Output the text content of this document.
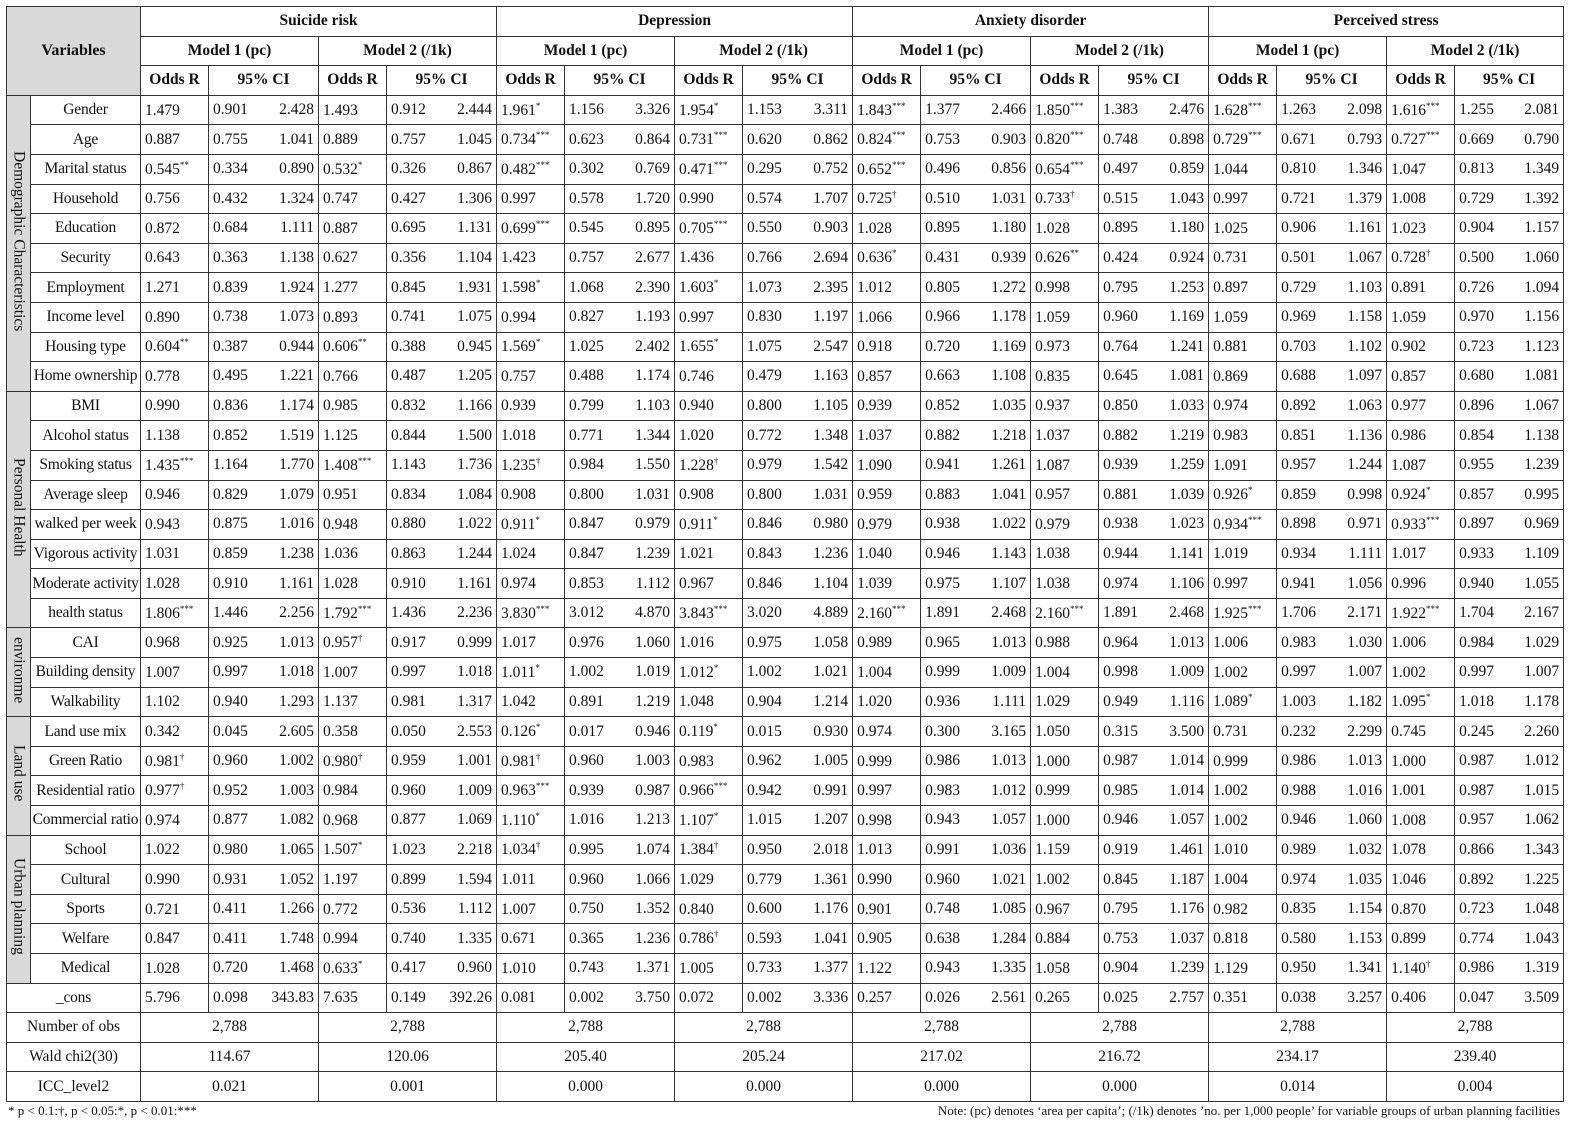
Variables		Suicide risk				Depression				Anxiety disorder				Perceived stress			
		Model 1 (pc)		Model 2 (/1k)		Model 1 (pc)		Model 2 (/1k)		Model 1 (pc)		Model 2 (/1k)		Model 1 (pc)		Model 2 (/1k)	
		Odds R	95% CI	Odds R	95% CI	Odds R	95% CI	Odds R	95% CI	Odds R	95% CI	Odds R	95% CI	Odds R	95% CI	Odds R	95% CI
Demographic Characteristics	Gender	1.479	0.901 2.428	1.493	0.912 2.444	1.961*	1.156 3.326	1.954*	1.153 3.311	1.843***	1.377 2.466	1.850***	1.383 2.476	1.628***	1.263 2.098	1.616***	1.255 2.081

	Age	0.887	0.755 1.041	0.889	0.757 1.045	0.734***	0.623 0.864	0.731***	0.620 0.862	0.824***	0.753 0.903	0.820***	0.748 0.898	0.729***	0.671 0.793	0.727***	0.669 0.790

	Marital status	0.545**	0.334 0.890	0.532*	0.326 0.867	0.482***	0.302 0.769	0.471***	0.295 0.752	0.652***	0.496 0.856	0.654***	0.497 0.859	1.044	0.810 1.346	1.047	0.813 1.349

	Household	0.756	0.432 1.324	0.747	0.427 1.306	0.997	0.578 1.720	0.990	0.574 1.707	0.725†	0.510 1.031	0.733†	0.515 1.043	0.997	0.721 1.379	1.008	0.729 1.392

	Education	0.872	0.684 1.111	0.887	0.695 1.131	0.699***	0.545 0.895	0.705***	0.550 0.903	1.028	0.895 1.180	1.028	0.895 1.180	1.025	0.906 1.161	1.023	0.904 1.157

	Security	0.643	0.363 1.138	0.627	0.356 1.104	1.423	0.757 2.677	1.436	0.766 2.694	0.636*	0.431 0.939	0.626**	0.424 0.924	0.731	0.501 1.067	0.728†	0.500 1.060

	Employment	1.271	0.839 1.924	1.277	0.845 1.931	1.598*	1.068 2.390	1.603*	1.073 2.395	1.012	0.805 1.272	0.998	0.795 1.253	0.897	0.729 1.103	0.891	0.726 1.094

	Income level	0.890	0.738 1.073	0.893	0.741 1.075	0.994	0.827 1.193	0.997	0.830 1.197	1.066	0.966 1.178	1.059	0.960 1.169	1.059	0.969 1.158	1.059	0.970 1.156

	Housing type	0.604**	0.387 0.944	0.606**	0.388 0.945	1.569*	1.025 2.402	1.655*	1.075 2.547	0.918	0.720 1.169	0.973	0.764 1.241	0.881	0.703 1.102	0.902	0.723 1.123

	Home ownership	0.778	0.495 1.221	0.766	0.487 1.205	0.757	0.488 1.174	0.746	0.479 1.163	0.857	0.663 1.108	0.835	0.645 1.081	0.869	0.688 1.097	0.857	0.680 1.081

Personal Health	BMI	0.990	0.836 1.174	0.985	0.832 1.166	0.939	0.799 1.103	0.940	0.800 1.105	0.939	0.852 1.035	0.937	0.850 1.033	0.974	0.892 1.063	0.977	0.896 1.067

	Alcohol status	1.138	0.852 1.519	1.125	0.844 1.500	1.018	0.771 1.344	1.020	0.772 1.348	1.037	0.882 1.218	1.037	0.882 1.219	0.983	0.851 1.136	0.986	0.854 1.138

	Smoking status	1.435***	1.164 1.770	1.408***	1.143 1.736	1.235†	0.984 1.550	1.228†	0.979 1.542	1.090	0.941 1.261	1.087	0.939 1.259	1.091	0.957 1.244	1.087	0.955 1.239

	Average sleep	0.946	0.829 1.079	0.951	0.834 1.084	0.908	0.800 1.031	0.908	0.800 1.031	0.959	0.883 1.041	0.957	0.881 1.039	0.926*	0.859 0.998	0.924*	0.857 0.995

	walked per week	0.943	0.875 1.016	0.948	0.880 1.022	0.911*	0.847 0.979	0.911*	0.846 0.980	0.979	0.938 1.022	0.979	0.938 1.023	0.934***	0.898 0.971	0.933***	0.897 0.969

	Vigorous activity	1.031	0.859 1.238	1.036	0.863 1.244	1.024	0.847 1.239	1.021	0.843 1.236	1.040	0.946 1.143	1.038	0.944 1.141	1.019	0.934 1.111	1.017	0.933 1.109

	Moderate activity	1.028	0.910 1.161	1.028	0.910 1.161	0.974	0.853 1.112	0.967	0.846 1.104	1.039	0.975 1.107	1.038	0.974 1.106	0.997	0.941 1.056	0.996	0.940 1.055

	health status	1.806***	1.446 2.256	1.792***	1.436 2.236	3.830***	3.012 4.870	3.843***	3.020 4.889	2.160***	1.891 2.468	2.160***	1.891 2.468	1.925***	1.706 2.171	1.922***	1.704 2.167

environme	CAI	0.968	0.925 1.013	0.957†	0.917 0.999	1.017	0.976 1.060	1.016	0.975 1.058	0.989	0.965 1.013	0.988	0.964 1.013	1.006	0.983 1.030	1.006	0.984 1.029

	Building density	1.007	0.997 1.018	1.007	0.997 1.018	1.011*	1.002 1.019	1.012*	1.002 1.021	1.004	0.999 1.009	1.004	0.998 1.009	1.002	0.997 1.007	1.002	0.997 1.007

	Walkability	1.102	0.940 1.293	1.137	0.981 1.317	1.042	0.891 1.219	1.048	0.904 1.214	1.020	0.936 1.111	1.029	0.949 1.116	1.089*	1.003 1.182	1.095*	1.018 1.178

Land use	Land use mix	0.342	0.045 2.605	0.358	0.050 2.553	0.126*	0.017 0.946	0.119*	0.015 0.930	0.974	0.300 3.165	1.050	0.315 3.500	0.731	0.232 2.299	0.745	0.245 2.260

	Green Ratio	0.981†	0.960 1.002	0.980†	0.959 1.001	0.981†	0.960 1.003	0.983	0.962 1.005	0.999	0.986 1.013	1.000	0.987 1.014	0.999	0.986 1.013	1.000	0.987 1.012

	Residential ratio	0.977†	0.952 1.003	0.984	0.960 1.009	0.963***	0.939 0.987	0.966***	0.942 0.991	0.997	0.983 1.012	0.999	0.985 1.014	1.002	0.988 1.016	1.001	0.987 1.015

	Commercial ratio	0.974	0.877 1.082	0.968	0.877 1.069	1.110*	1.016 1.213	1.107*	1.015 1.207	0.998	0.943 1.057	1.000	0.946 1.057	1.002	0.946 1.060	1.008	0.957 1.062

Urban planning	School	1.022	0.980 1.065	1.507*	1.023 2.218	1.034†	0.995 1.074	1.384†	0.950 2.018	1.013	0.991 1.036	1.159	0.919 1.461	1.010	0.989 1.032	1.078	0.866 1.343

	Cultural	0.990	0.931 1.052	1.197	0.899 1.594	1.011	0.960 1.066	1.029	0.779 1.361	0.990	0.960 1.021	1.002	0.845 1.187	1.004	0.974 1.035	1.046	0.892 1.225

	Sports	0.721	0.411 1.266	0.772	0.536 1.112	1.007	0.750 1.352	0.840	0.600 1.176	0.901	0.748 1.085	0.967	0.795 1.176	0.982	0.835 1.154	0.870	0.723 1.048

	Welfare	0.847	0.411 1.748	0.994	0.740 1.335	0.671	0.365 1.236	0.786†	0.593 1.041	0.905	0.638 1.284	0.884	0.753 1.037	0.818	0.580 1.153	0.899	0.774 1.043

	Medical	1.028	0.720 1.468	0.633*	0.417 0.960	1.010	0.743 1.371	1.005	0.733 1.377	1.122	0.943 1.335	1.058	0.904 1.239	1.129	0.950 1.341	1.140†	0.986 1.319

_cons		5.796	0.098 343.83	7.635	0.149 392.26	0.081	0.002 3.750	0.072	0.002 3.336	0.257	0.026 2.561	0.265	0.025 2.757	0.351	0.038 3.257	0.406	0.047 3.509

Number of obs		2,788		2,788		2,788		2,788		2,788		2,788		2,788		2,788	
Wald chi2(30)		114.67		120.06		205.40		205.24		217.02		216.72		234.17		239.40	
ICC_level2		0.021		0.001		0.000		0.000		0.000		0.000		0.014		0.004	
* p < 0.1:†, p < 0.05:*, p < 0.01:***	Note: (pc) denotes ‘area per capita’; (/1k) denotes ’no. per 1,000 people’ for variable groups of urban planning facilities
